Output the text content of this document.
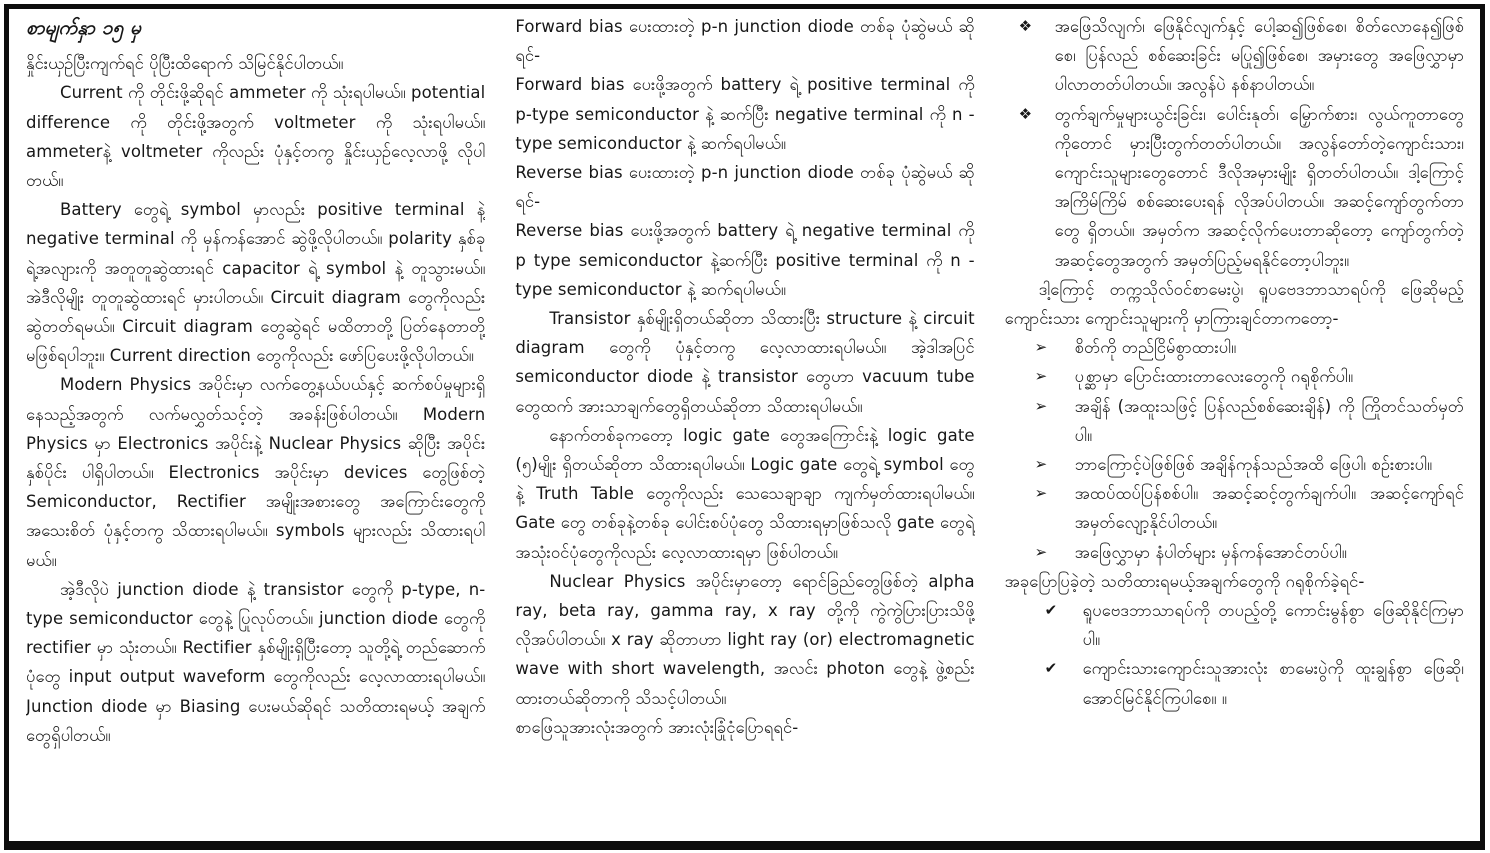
စာမျက်နှာ ၁၅ မှ

နှိုင်းယှဉ်ပြီးကျက်ရင် ပိုပြီးထိရောက် သိမြင်နိုင်ပါတယ်။

Current ကို တိုင်းဖို့ဆိုရင် ammeter ကို သုံးရပါမယ်။ potential difference ကို တိုင်းဖို့အတွက် voltmeter ကို သုံးရပါမယ်။ ammeterနဲ့ voltmeter ကိုလည်း ပုံနှင့်တကွ နှိုင်းယှဉ်လေ့လာဖို့ လိုပါတယ်။

Battery တွေရဲ့ symbol မှာလည်း positive terminal နဲ့ negative terminal ကို မှန်ကန်အောင် ဆွဲဖို့လိုပါတယ်။ polarity နှစ်ခုရဲ့အလျားကို အတူတူဆွဲထားရင် capacitor ရဲ့ symbol နဲ့ တူသွားမယ်။ အဲဒီလိုမျိုး တူတူဆွဲထားရင် မှားပါတယ်။ Circuit diagram တွေကိုလည်း ဆွဲတတ်ရမယ်။ Circuit diagram တွေဆွဲရင် မထိတာတို့ ပြတ်နေတာတို့ မဖြစ်ရပါဘူး။ Current direction တွေကိုလည်း ဖော်ပြပေးဖို့လိုပါတယ်။

Modern Physics အပိုင်းမှာ လက်တွေ့နယ်ပယ်နှင့် ဆက်စပ်မှုများရှိနေသည့်အတွက် လက်မလွှတ်သင့်တဲ့ အခန်းဖြစ်ပါတယ်။ Modern Physics မှာ Electronics အပိုင်းနဲ့ Nuclear Physics ဆိုပြီး အပိုင်းနှစ်ပိုင်း ပါရှိပါတယ်။ Electronics အပိုင်းမှာ devices တွေဖြစ်တဲ့ Semiconductor, Rectifier အမျိုးအစားတွေ အကြောင်းတွေကို အသေးစိတ် ပုံနှင့်တကွ သိထားရပါမယ်။ symbols များလည်း သိထားရပါမယ်။

အဲ့ဒီလိုပဲ junction diode နဲ့ transistor တွေကို p-type, n-type semiconductor တွေနဲ့ ပြုလုပ်တယ်။ junction diode တွေကို rectifier မှာ သုံးတယ်။ Rectifier နှစ်မျိုးရှိပြီးတော့ သူတို့ရဲ့ တည်ဆောက်ပုံတွေ input output waveform တွေကိုလည်း လေ့လာထားရပါမယ်။ Junction diode မှာ Biasing ပေးမယ်ဆိုရင် သတိထားရမယ့် အချက်တွေရှိပါတယ်။

Forward bias ပေးထားတဲ့ p-n junction diode တစ်ခု ပုံဆွဲမယ် ဆိုရင်-

Forward bias ပေးဖို့အတွက် battery ရဲ့ positive terminal ကို p-type semiconductor နဲ့ ဆက်ပြီး negative terminal ကို n - type semiconductor နဲ့ ဆက်ရပါမယ်။

Reverse bias ပေးထားတဲ့ p-n junction diode တစ်ခု ပုံဆွဲမယ် ဆိုရင်-

Reverse bias ပေးဖို့အတွက် battery ရဲ့ negative terminal ကို p type semiconductor နဲ့ဆက်ပြီး positive terminal ကို n - type semiconductor နဲ့ ဆက်ရပါမယ်။

Transistor နှစ်မျိုးရှိတယ်ဆိုတာ သိထားပြီး structure နဲ့ circuit diagram တွေကို ပုံနှင့်တကွ လေ့လာထားရပါမယ်။ အဲ့ဒါအပြင် semiconductor diode နဲ့ transistor တွေဟာ vacuum tube တွေထက် အားသာချက်တွေရှိတယ်ဆိုတာ သိထားရပါမယ်။

နောက်တစ်ခုကတော့ logic gate တွေအကြောင်းနဲ့ logic gate (၅)မျိုး ရှိတယ်ဆိုတာ သိထားရပါမယ်။ Logic gate တွေရဲ့ symbol တွေနဲ့ Truth Table တွေကိုလည်း သေသေချာချာ ကျက်မှတ်ထားရပါမယ်။ Gate တွေ တစ်ခုနဲ့တစ်ခု ပေါင်းစပ်ပုံတွေ သိထားရမှာဖြစ်သလို gate တွေရဲ့ အသုံးဝင်ပုံတွေကိုလည်း လေ့လာထားရမှာ ဖြစ်ပါတယ်။

Nuclear Physics အပိုင်းမှာတော့ ရောင်ခြည်တွေဖြစ်တဲ့ alpha ray, beta ray, gamma ray, x ray တို့ကို ကွဲကွဲပြားပြားသိဖို့ လိုအပ်ပါတယ်။ x ray ဆိုတာဟာ light ray (or) electromagnetic wave with short wavelength, အလင်း photon တွေနဲ့ ဖွဲ့စည်းထားတယ်ဆိုတာကို သိသင့်ပါတယ်။

စာဖြေသူအားလုံးအတွက် အားလုံးခြုံငုံပြောရရင်-

❖	အဖြေသိလျက်၊ ဖြေနိုင်လျက်နှင့် ပေါ့ဆ၍ဖြစ်စေ၊ စိတ်လောနေ၍ဖြစ်စေ၊ ပြန်လည် စစ်ဆေးခြင်း မပြု၍ဖြစ်စေ၊ အမှားတွေ အဖြေလွှာမှာ ပါလာတတ်ပါတယ်။ အလွန်ပဲ နစ်နာပါတယ်။
❖	တွက်ချက်မှုများယွင်းခြင်း၊ ပေါင်းနုတ်၊ မြှောက်စား၊ လွယ်ကူတာတွေကိုတောင် မှားပြီးတွက်တတ်ပါတယ်။ အလွန်တော်တဲ့ကျောင်းသား၊ ကျောင်းသူများတွေတောင် ဒီလိုအမှားမျိုး ရှိတတ်ပါတယ်။ ဒါ့ကြောင့် အကြိမ်ကြိမ် စစ်ဆေးပေးရန် လိုအပ်ပါတယ်။ အဆင့်ကျော်တွက်တာတွေ ရှိတယ်။ အမှတ်က အဆင့်လိုက်ပေးတာဆိုတော့ ကျော်တွက်တဲ့ အဆင့်တွေအတွက် အမှတ်ပြည့်မရနိုင်တော့ပါဘူး။

ဒါ့ကြောင့် တက္ကသိုလ်ဝင်စာမေးပွဲ၊ ရူပဗေဒဘာသာရပ်ကို ဖြေဆိုမည့် ကျောင်းသား ကျောင်းသူများကို မှာကြားချင်တာကတော့-

➢	စိတ်ကို တည်ငြိမ်စွာထားပါ။
➢	ပုစ္ဆာမှာ ပြောင်းထားတာလေးတွေကို ဂရုစိုက်ပါ။
➢	အချိန် (အထူးသဖြင့် ပြန်လည်စစ်ဆေးချိန်) ကို ကြိုတင်သတ်မှတ်ပါ။
➢	ဘာကြောင့်ပဲဖြစ်ဖြစ် အချိန်ကုန်သည်အထိ ဖြေပါ၊ စဉ်းစားပါ။
➢	အထပ်ထပ်ပြန်စစ်ပါ။ အဆင့်ဆင့်တွက်ချက်ပါ။ အဆင့်ကျော်ရင် အမှတ်လျော့နိုင်ပါတယ်။
➢	အဖြေလွှာမှာ နံပါတ်များ မှန်ကန်အောင်တပ်ပါ။

အခုပြောပြခဲ့တဲ့ သတိထားရမယ့်အချက်တွေကို ဂရုစိုက်ခဲ့ရင်-

✔	ရူပဗေဒဘာသာရပ်ကို တပည့်တို့ ကောင်းမွန်စွာ ဖြေဆိုနိုင်ကြမှာပါ။
✔	ကျောင်းသားကျောင်းသူအားလုံး စာမေးပွဲကို ထူးချွန်စွာ ဖြေဆို၊ အောင်မြင်နိုင်ကြပါစေ။ ။
